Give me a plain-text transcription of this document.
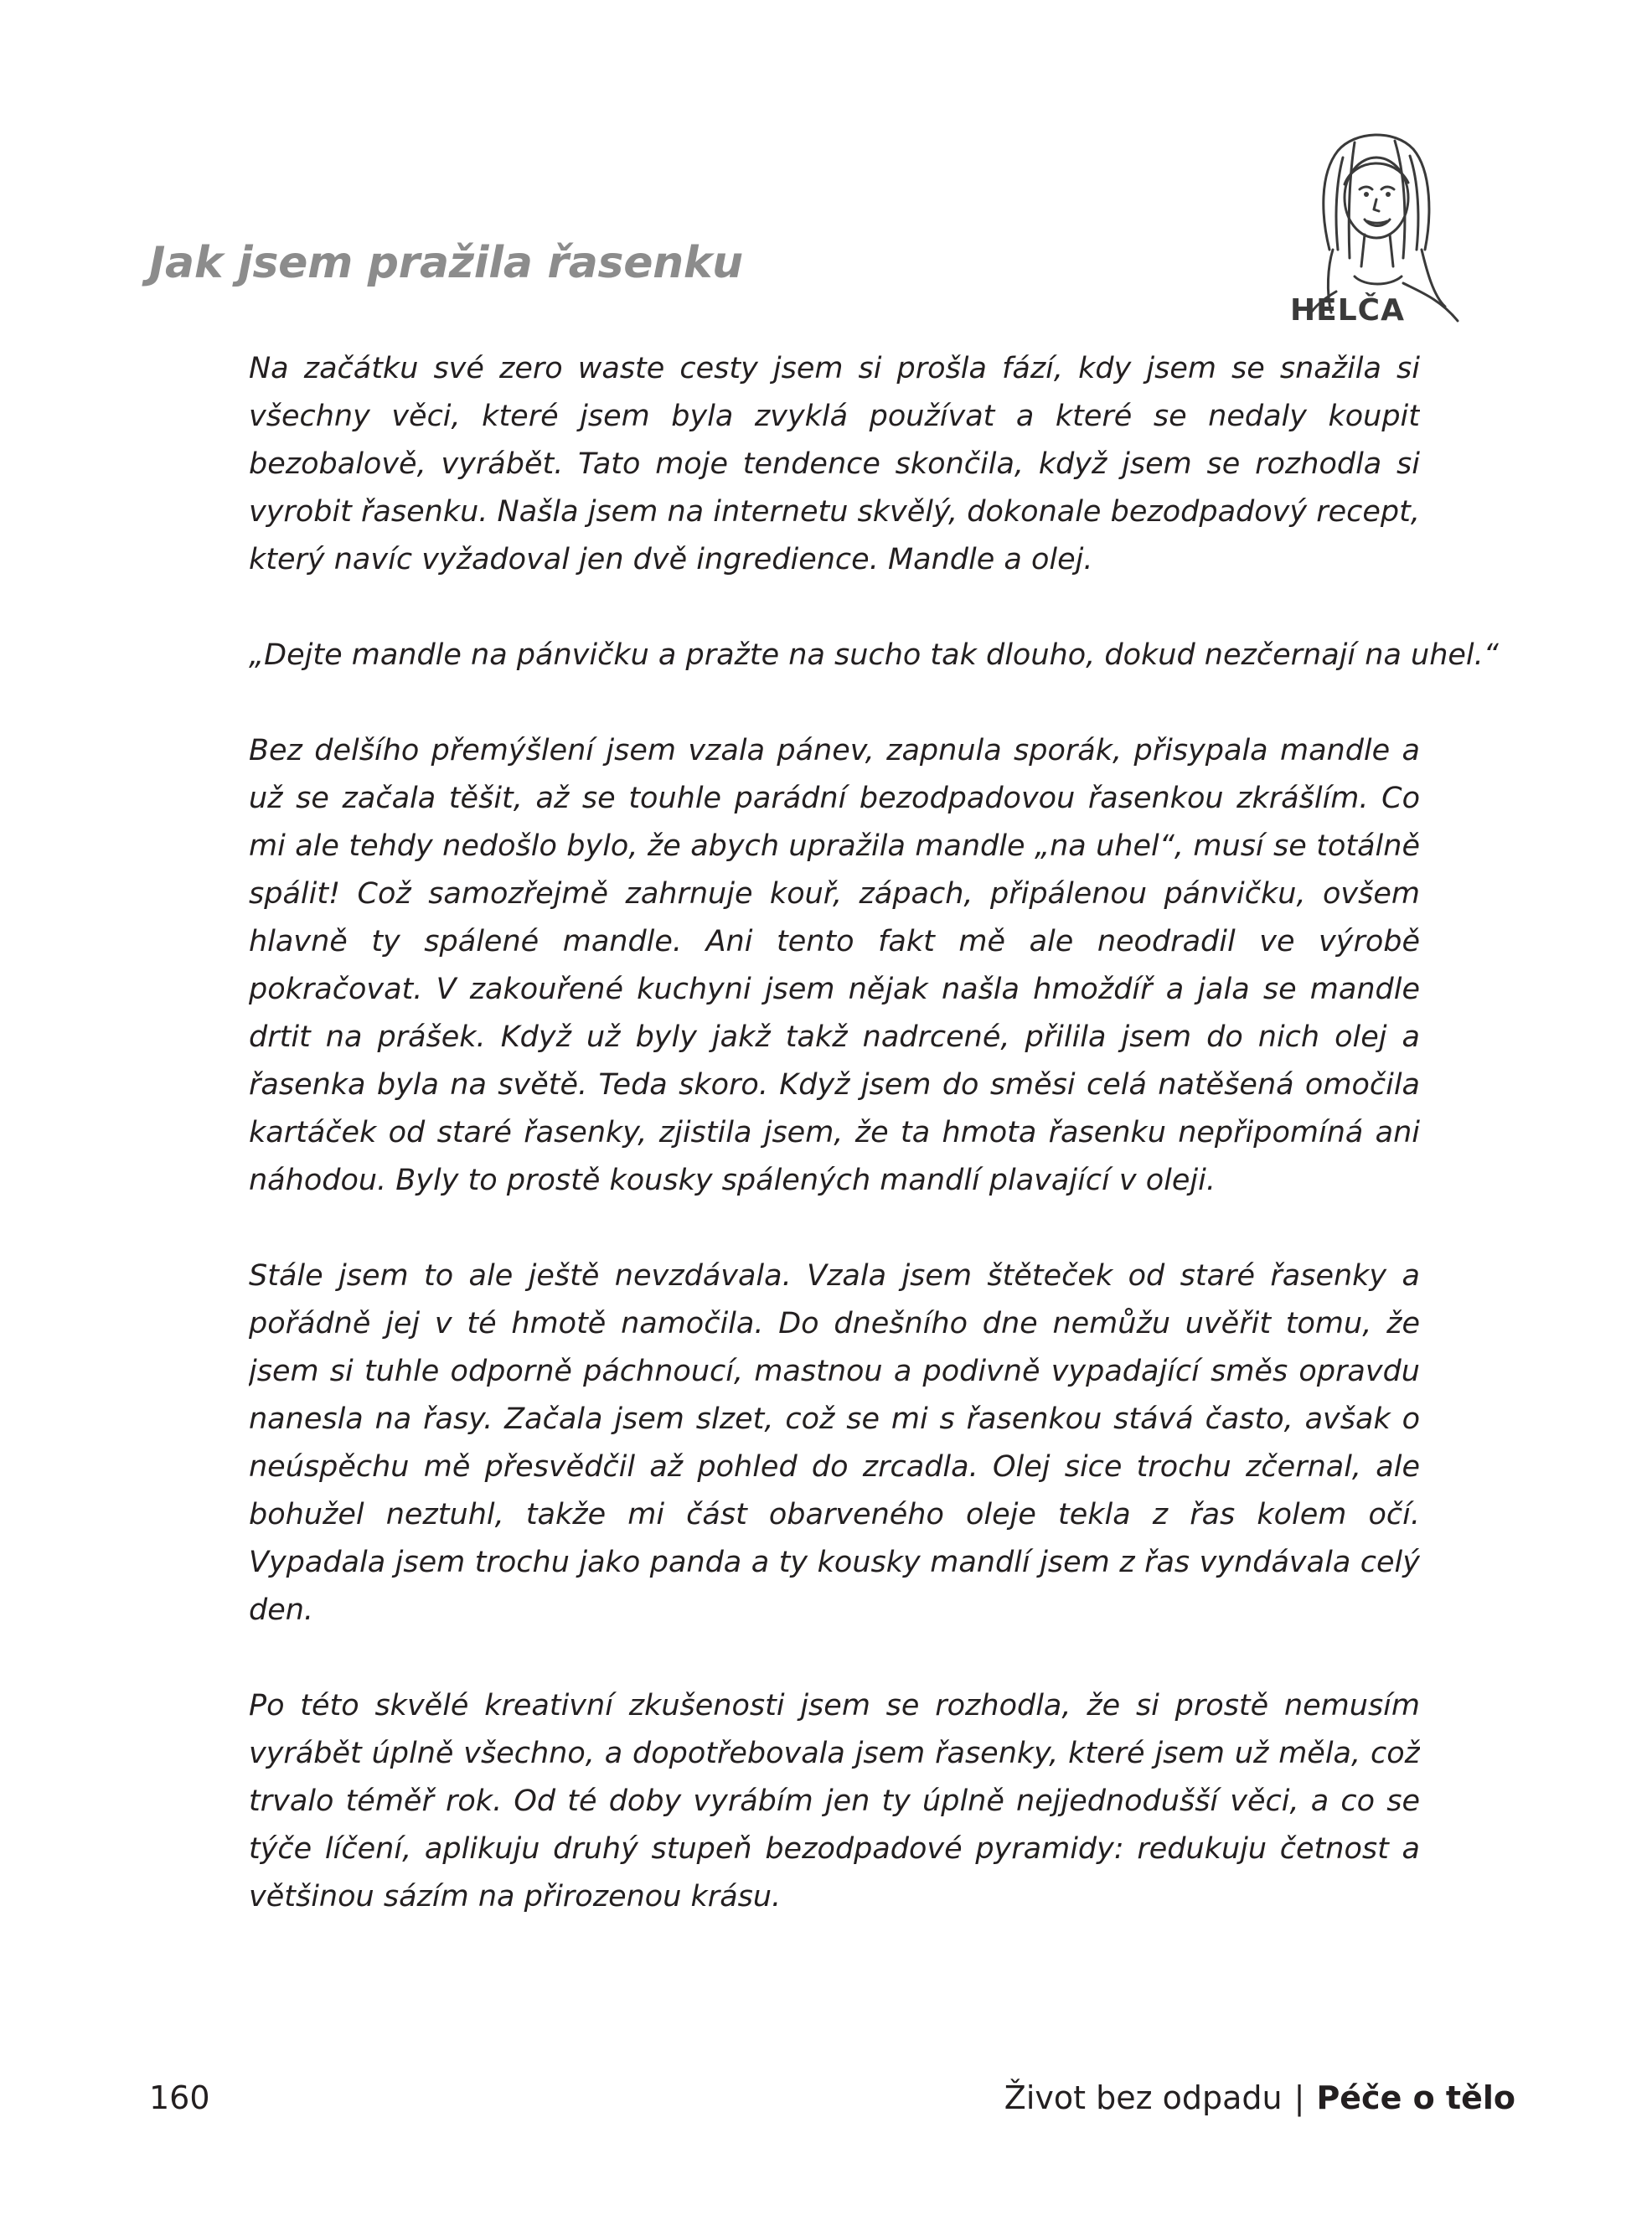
Jak jsem pražila řasenku
HELČA

Na začátku své zero waste cesty jsem si prošla fází, kdy jsem se snažila si všechny věci, které jsem byla zvyklá používat a které se nedaly koupit bezobalově, vyrábět. Tato moje tendence skončila, když jsem se rozhodla si vyrobit řasenku. Našla jsem na internetu skvělý, dokonale bezodpadový recept, který navíc vyžadoval jen dvě ingredience. Mandle a olej.

„Dejte mandle na pánvičku a pražte na sucho tak dlouho, dokud nezčernají na uhel.“

Bez delšího přemýšlení jsem vzala pánev, zapnula sporák, přisypala mandle a už se začala těšit, až se touhle parádní bezodpadovou řasenkou zkrášlím. Co mi ale tehdy nedošlo bylo, že abych upražila mandle „na uhel“, musí se totálně spálit! Což samozřejmě zahrnuje kouř, zápach, připálenou pánvičku, ovšem hlavně ty spálené mandle. Ani tento fakt mě ale neodradil ve výrobě pokračovat. V zakouřené kuchyni jsem nějak našla hmoždíř a jala se mandle drtit na prášek. Když už byly jakž takž nadrcené, přilila jsem do nich olej a řasenka byla na světě. Teda skoro. Když jsem do směsi celá natěšená omočila kartáček od staré řasenky, zjistila jsem, že ta hmota řasenku nepřipomíná ani náhodou. Byly to prostě kousky spálených mandlí plavající v oleji.

Stále jsem to ale ještě nevzdávala. Vzala jsem štěteček od staré řasenky a pořádně jej v té hmotě namočila. Do dnešního dne nemůžu uvěřit tomu, že jsem si tuhle odporně páchnoucí, mastnou a podivně vypadající směs opravdu nanesla na řasy. Začala jsem slzet, což se mi s řasenkou stává často, avšak o neúspěchu mě přesvědčil až pohled do zrcadla. Olej sice trochu zčernal, ale bohužel neztuhl, takže mi část obarveného oleje tekla z řas kolem očí. Vypadala jsem trochu jako panda a ty kousky mandlí jsem z řas vyndávala celý den.

Po této skvělé kreativní zkušenosti jsem se rozhodla, že si prostě nemusím vyrábět úplně všechno, a dopotřebovala jsem řasenky, které jsem už měla, což trvalo téměř rok. Od té doby vyrábím jen ty úplně nejjednodušší věci, a co se týče líčení, aplikuju druhý stupeň bezodpadové pyramidy: redukuju četnost a většinou sázím na přirozenou krásu.

160	Život bez odpadu | Péče o tělo
